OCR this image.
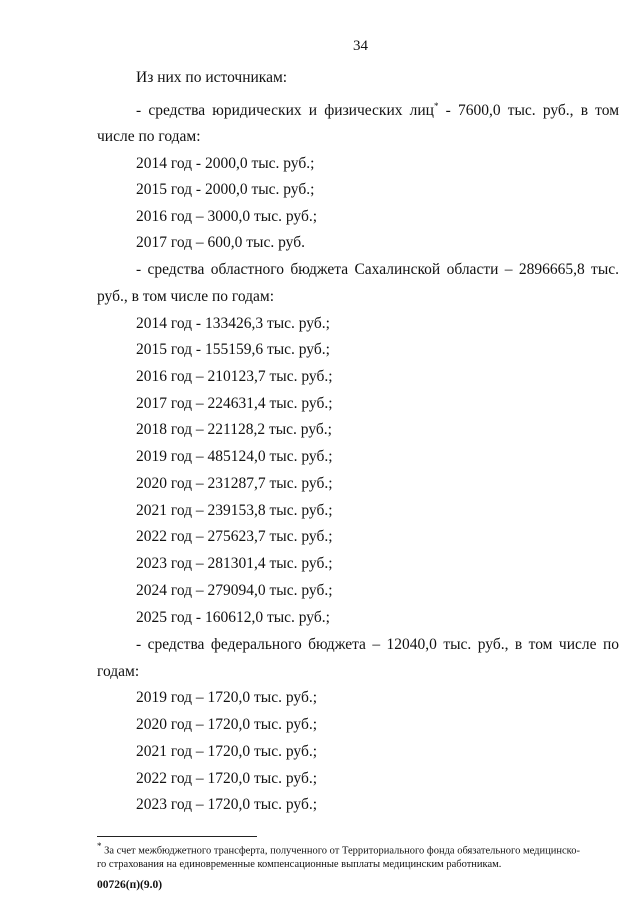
34
Из них по источникам:
- средства юридических и физических лиц* - 7600,0 тыс. руб., в том
числе по годам:
2014 год - 2000,0 тыс. руб.;
2015 год - 2000,0 тыс. руб.;
2016 год – 3000,0 тыс. руб.;
2017 год – 600,0 тыс. руб.
- средства областного бюджета Сахалинской области – 2896665,8 тыс.
руб., в том числе по годам:
2014 год - 133426,3 тыс. руб.;
2015 год - 155159,6 тыс. руб.;
2016 год – 210123,7 тыс. руб.;
2017 год – 224631,4 тыс. руб.;
2018 год – 221128,2 тыс. руб.;
2019 год – 485124,0 тыс. руб.;
2020 год – 231287,7 тыс. руб.;
2021 год – 239153,8 тыс. руб.;
2022 год – 275623,7 тыс. руб.;
2023 год – 281301,4 тыс. руб.;
2024 год – 279094,0 тыс. руб.;
2025 год - 160612,0 тыс. руб.;
- средства федерального бюджета – 12040,0 тыс. руб., в том числе по
годам:
2019 год – 1720,0 тыс. руб.;
2020 год – 1720,0 тыс. руб.;
2021 год – 1720,0 тыс. руб.;
2022 год – 1720,0 тыс. руб.;
2023 год – 1720,0 тыс. руб.;
* За счет межбюджетного трансферта, полученного от Территориального фонда обязательного медицинско-
го страхования на единовременные компенсационные выплаты медицинским работникам.
00726(п)(9.0)
